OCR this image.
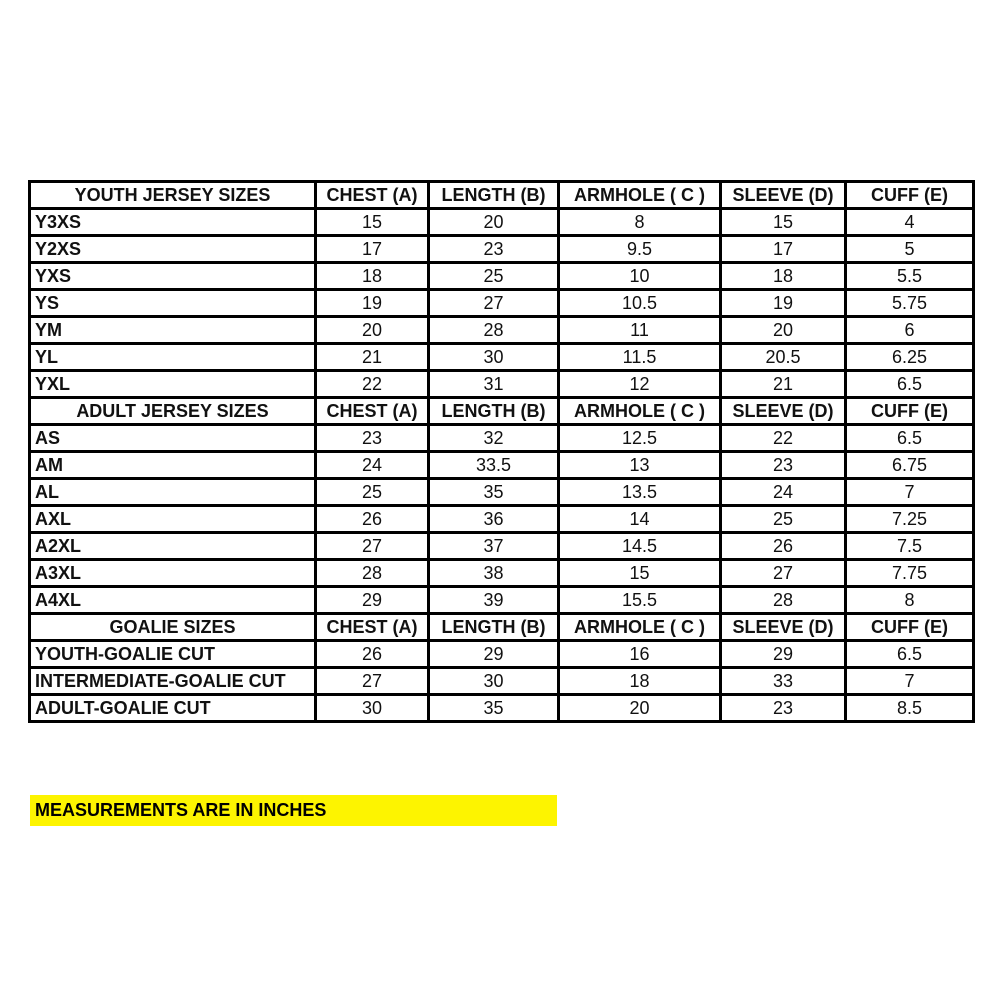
YOUTH JERSEY SIZES	CHEST (A)	LENGTH (B)	ARMHOLE ( C )	SLEEVE (D)	CUFF (E)
Y3XS	15	20	8	15	4
Y2XS	17	23	9.5	17	5
YXS	18	25	10	18	5.5
YS	19	27	10.5	19	5.75
YM	20	28	11	20	6
YL	21	30	11.5	20.5	6.25
YXL	22	31	12	21	6.5
ADULT JERSEY SIZES	CHEST (A)	LENGTH (B)	ARMHOLE ( C )	SLEEVE (D)	CUFF (E)
AS	23	32	12.5	22	6.5
AM	24	33.5	13	23	6.75
AL	25	35	13.5	24	7
AXL	26	36	14	25	7.25
A2XL	27	37	14.5	26	7.5
A3XL	28	38	15	27	7.75
A4XL	29	39	15.5	28	8
GOALIE SIZES	CHEST (A)	LENGTH (B)	ARMHOLE ( C )	SLEEVE (D)	CUFF (E)
YOUTH-GOALIE CUT	26	29	16	29	6.5
INTERMEDIATE-GOALIE CUT	27	30	18	33	7
ADULT-GOALIE CUT	30	35	20	23	8.5
MEASUREMENTS ARE IN INCHES
